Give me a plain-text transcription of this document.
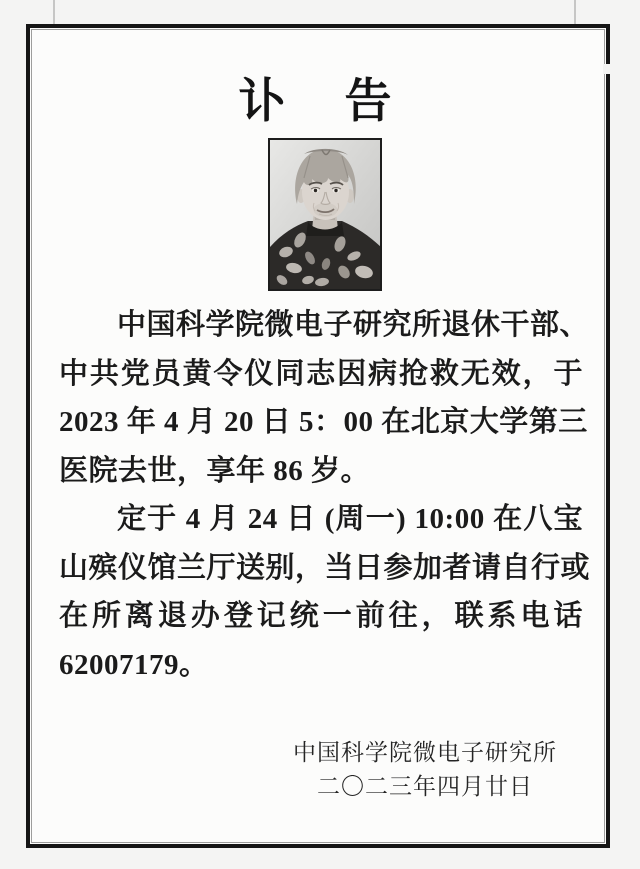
讣　告
中国科学院微电子研究所退休干部、
中共党员黄令仪同志因病抢救无效，于
2023 年 4 月 20 日 5：00 在北京大学第三
医院去世，享年 86 岁。
定于 4 月 24 日 (周一) 10:00 在八宝
山殡仪馆兰厅送别，当日参加者请自行或
在所离退办登记统一前往，联系电话
62007179。
中国科学院微电子研究所
二〇二三年四月廿日
